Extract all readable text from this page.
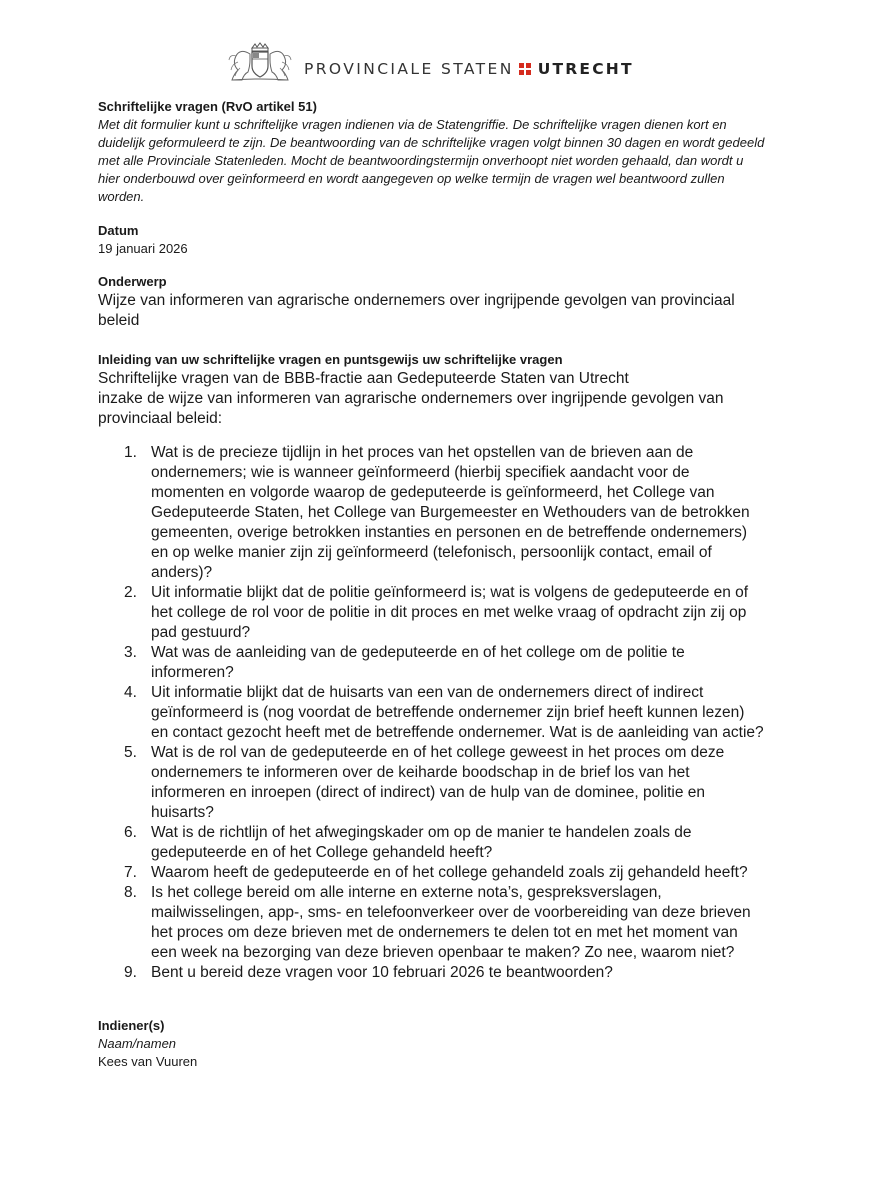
PROVINCIALE STATEN UTRECHT

Schriftelijke vragen (RvO artikel 51)

Met dit formulier kunt u schriftelijke vragen indienen via de Statengriffie. De schriftelijke vragen dienen kort en duidelijk geformuleerd te zijn. De beantwoording van de schriftelijke vragen volgt binnen 30 dagen en wordt gedeeld met alle Provinciale Statenleden. Mocht de beantwoordingstermijn onverhoopt niet worden gehaald, dan wordt u hier onderbouwd over geïnformeerd en wordt aangegeven op welke termijn de vragen wel beantwoord zullen worden.

Datum

19 januari 2026

Onderwerp

Wijze van informeren van agrarische ondernemers over ingrijpende gevolgen van provinciaal beleid

Inleiding van uw schriftelijke vragen en puntsgewijs uw schriftelijke vragen

Schriftelijke vragen van de BBB-fractie aan Gedeputeerde Staten van Utrecht

inzake de wijze van informeren van agrarische ondernemers over ingrijpende gevolgen van provinciaal beleid:

1. Wat is de precieze tijdlijn in het proces van het opstellen van de brieven aan de ondernemers; wie is wanneer geïnformeerd (hierbij specifiek aandacht voor de momenten en volgorde waarop de gedeputeerde is geïnformeerd, het College van Gedeputeerde Staten, het College van Burgemeester en Wethouders van de betrokken gemeenten, overige betrokken instanties en personen en de betreffende ondernemers) en op welke manier zijn zij geïnformeerd (telefonisch, persoonlijk contact, email of anders)?
2. Uit informatie blijkt dat de politie geïnformeerd is; wat is volgens de gedeputeerde en of het college de rol voor de politie in dit proces en met welke vraag of opdracht zijn zij op pad gestuurd?
3. Wat was de aanleiding van de gedeputeerde en of het college om de politie te informeren?
4. Uit informatie blijkt dat de huisarts van een van de ondernemers direct of indirect geïnformeerd is (nog voordat de betreffende ondernemer zijn brief heeft kunnen lezen) en contact gezocht heeft met de betreffende ondernemer. Wat is de aanleiding van actie?
5. Wat is de rol van de gedeputeerde en of het college geweest in het proces om deze ondernemers te informeren over de keiharde boodschap in de brief los van het informeren en inroepen (direct of indirect) van de hulp van de dominee, politie en huisarts?
6. Wat is de richtlijn of het afwegingskader om op de manier te handelen zoals de gedeputeerde en of het College gehandeld heeft?
7. Waarom heeft de gedeputeerde en of het college gehandeld zoals zij gehandeld heeft?
8. Is het college bereid om alle interne en externe nota’s, gespreksverslagen, mailwisselingen, app-, sms- en telefoonverkeer over de voorbereiding van deze brieven het proces om deze brieven met de ondernemers te delen tot en met het moment van een week na bezorging van deze brieven openbaar te maken? Zo nee, waarom niet?
9. Bent u bereid deze vragen voor 10 februari 2026 te beantwoorden?

Indiener(s)

Naam/namen

Kees van Vuuren
